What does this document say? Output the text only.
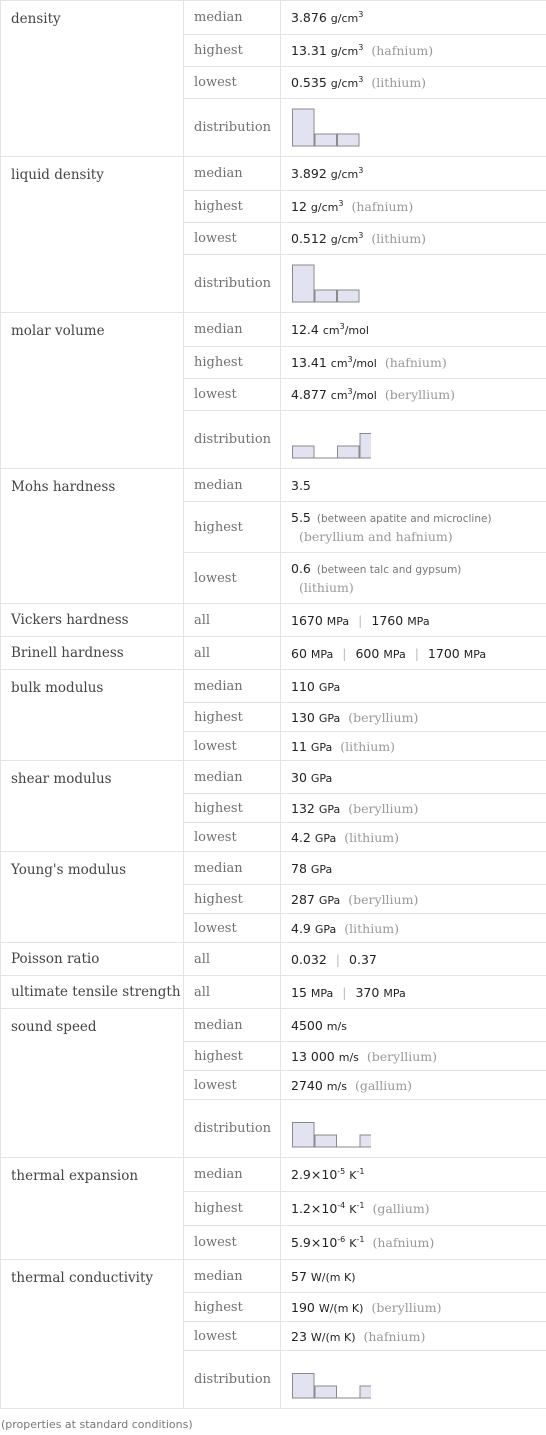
density	median	3.876 $g/cm^3$
	highest	13.31 $g/cm^3$ (hafnium)
	lowest	0.535 $g/cm^3$ (lithium)
	distribution	

liquid density	median	3.892 $g/cm^3$
	highest	12 $g/cm^3$ (hafnium)
	lowest	0.512 $g/cm^3$ (lithium)
	distribution	

molar volume	median	12.4 $cm^3$/mol
	highest	13.41 $cm^3$/mol (hafnium)
	lowest	4.877 $cm^3$/mol (beryllium)
	distribution	

Mohs hardness	median	3.5
	highest	5.5 (between apatite and microcline)
(beryllium and hafnium)
	lowest	0.6 (between talc and gypsum)
(lithium)
Vickers hardness	all	1670 MPa | 1760 MPa
Brinell hardness	all	60 MPa | 600 MPa | 1700 MPa
bulk modulus	median	110 GPa
	highest	130 GPa (beryllium)
	lowest	11 GPa (lithium)
shear modulus	median	30 GPa
	highest	132 GPa (beryllium)
	lowest	4.2 GPa (lithium)
Young's modulus	median	78 GPa
	highest	287 GPa (beryllium)
	lowest	4.9 GPa (lithium)
Poisson ratio	all	0.032 | 0.37
ultimate tensile strength	all	15 MPa | 370 MPa
sound speed	median	4500 m/s
	highest	13 000 m/s (beryllium)
	lowest	2740 m/s (gallium)
	distribution	

thermal expansion	median	$2.9\times 10^{-5}$ $K^{-1}$
	highest	$1.2\times 10^{-4}$ $K^{-1}$ (gallium)
	lowest	$5.9\times 10^{-6}$ $K^{-1}$ (hafnium)
thermal conductivity	median	57 W/(m K)
	highest	190 W/(m K) (beryllium)
	lowest	23 W/(m K) (hafnium)
	distribution	
(properties at standard conditions)
